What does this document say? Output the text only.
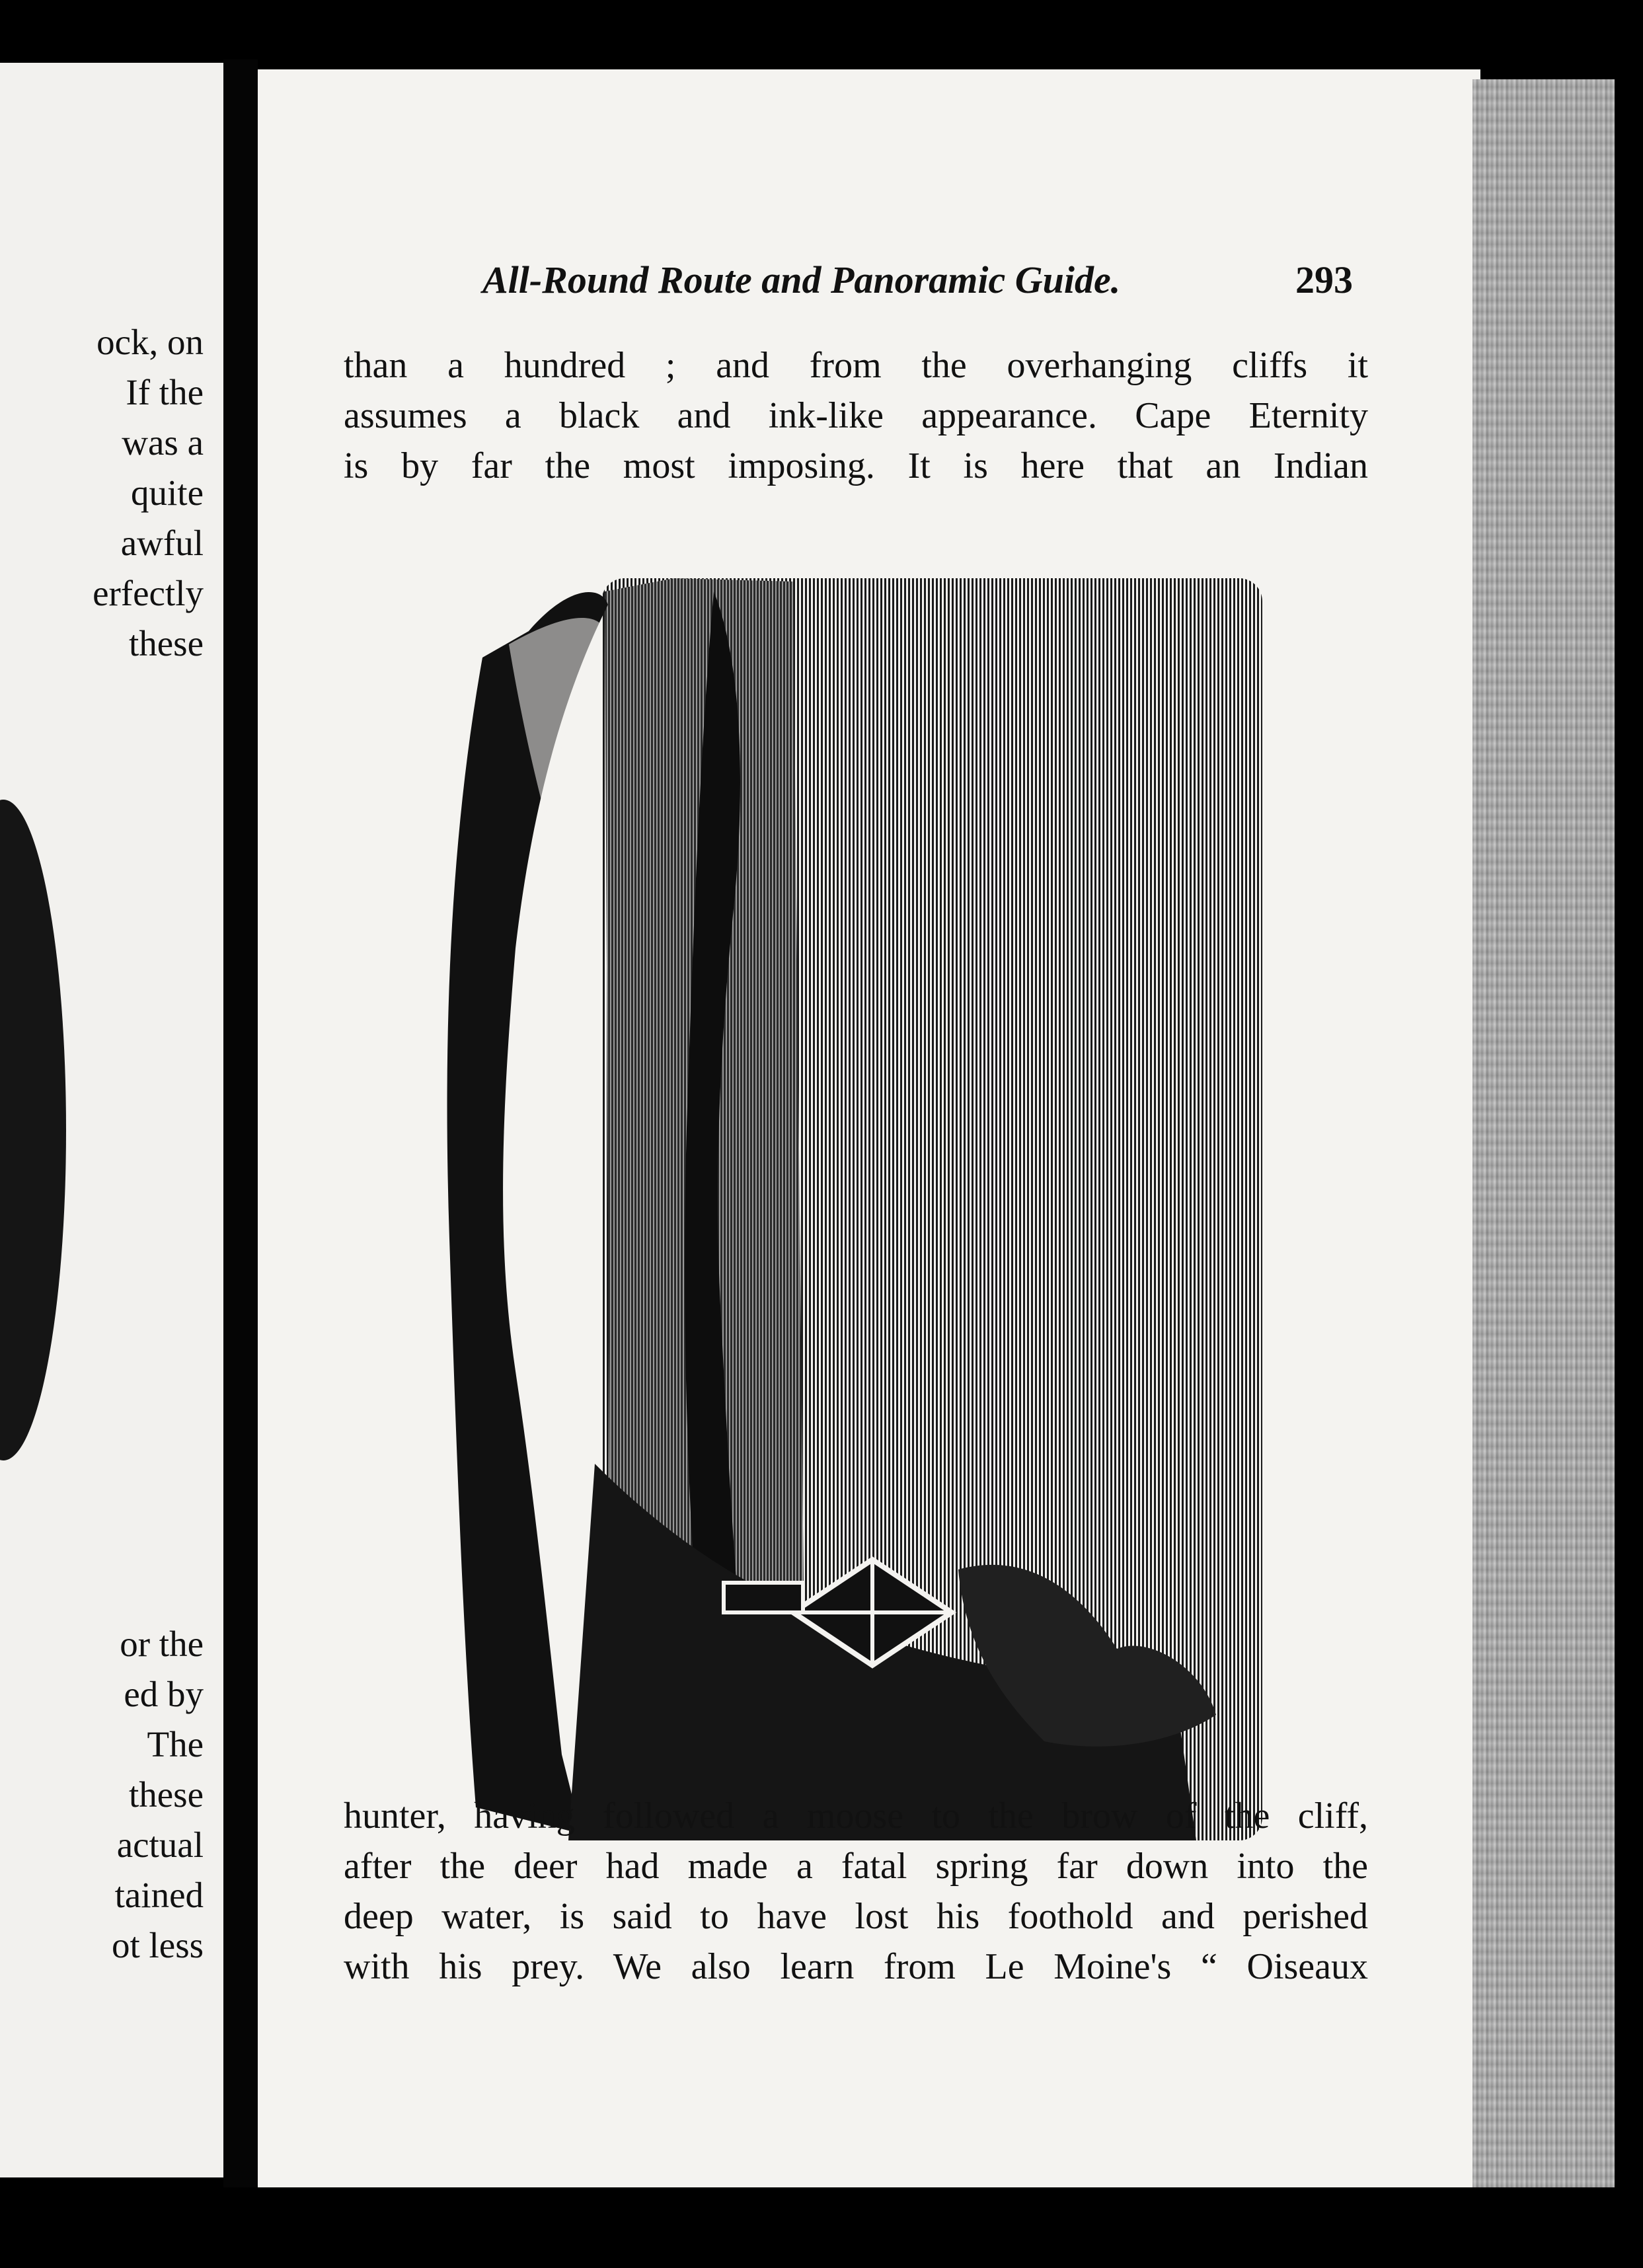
ock, on
If the
was a
quite
awful
erfectly
these
or the
ed by
The
these
actual
tained
ot less
All-Round Route and Panoramic Guide.	293
than a hundred ; and from the overhanging cliffs it
assumes a black and ink-like appearance. Cape Eternity
is by far the most imposing. It is here that an Indian
hunter, having followed a moose to the brow of the cliff,
after the deer had made a fatal spring far down into the
deep water, is said to have lost his foothold and perished
with his prey. We also learn from Le Moine's “ Oiseaux
